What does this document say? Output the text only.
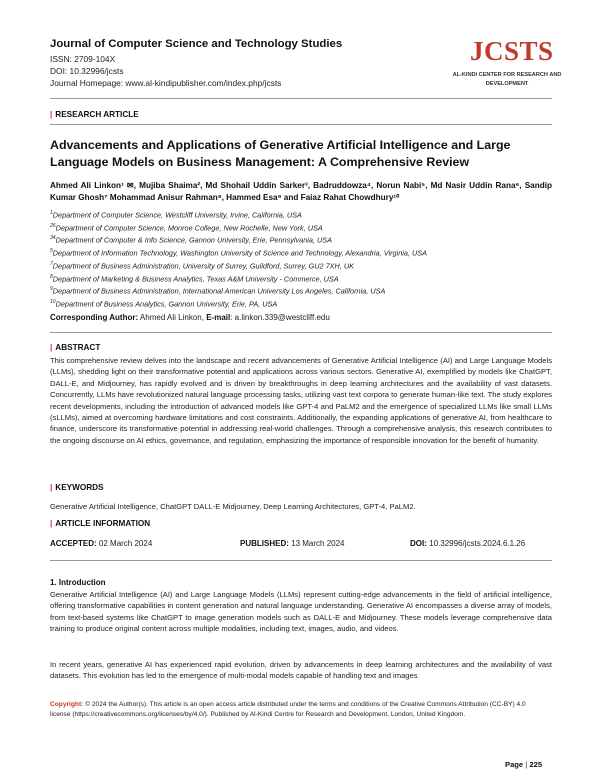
Journal of Computer Science and Technology Studies
ISSN: 2709-104X
DOI: 10.32996/jcsts
Journal Homepage: www.al-kindipublisher.com/index.php/jcsts
JCSTS
AL-KINDI CENTER FOR RESEARCH AND DEVELOPMENT
| RESEARCH ARTICLE
Advancements and Applications of Generative Artificial Intelligence and Large Language Models on Business Management: A Comprehensive Review
Ahmed Ali Linkon¹ ✉, Mujiba Shaima², Md Shohail Uddin Sarker³, Badruddowza⁴, Norun Nabi⁵, Md Nasir Uddin Rana⁶, Sandip Kumar Ghosh⁷ Mohammad Anisur Rahman⁸, Hammed Esa⁹ and Faiaz Rahat Chowdhury¹⁰
$^1$Department of Computer Science, Westcliff University, Irvine, California, USA
$^{26}$Department of Computer Science, Monroe College, New Rochelle, New York, USA
$^{34}$Department of Computer & Info Science, Gannon University, Erie, Pennsylvania, USA
$^5$Department of Information Technology, Washington University of Science and Technology, Alexandria, Virginia, USA
$^7$Department of Business Administration, University of Surrey, Guildford, Surrey, GU2 7XH, UK
$^8$Department of Marketing & Business Analytics, Texas A&M University - Commerce, USA
$^9$Department of Business Administration, International American University Los Angeles, California, USA
$^{10}$Department of Business Analytics, Gannon University, Erie, PA, USA
Corresponding Author: Ahmed Ali Linkon, E-mail: a.linkon.339@westcliff.edu
| ABSTRACT
This comprehensive review delves into the landscape and recent advancements of Generative Artificial Intelligence (AI) and Large Language Models (LLMs), shedding light on their transformative potential and applications across various sectors. Generative AI, exemplified by models like ChatGPT, DALL-E, and Midjourney, has rapidly evolved and is driven by breakthroughs in deep learning architectures and the availability of vast datasets. Concurrently, LLMs have revolutionized natural language processing tasks, utilizing vast text corpora to generate human-like text. The study explores recent developments, including the introduction of advanced models like GPT-4 and PaLM2 and the emergence of specialized LLMs like small LLMs (sLLMs), aimed at overcoming hardware limitations and cost constraints. Additionally, the expanding applications of generative AI, from healthcare to finance, underscore its transformative potential in addressing real-world challenges. Through a comprehensive analysis, this research contributes to the ongoing discourse on AI ethics, governance, and regulation, emphasizing the importance of responsible innovation for the benefit of humanity.
| KEYWORDS
Generative Artificial Intelligence, ChatGPT DALL-E Midjourney, Deep Learning Architectures, GPT-4, PaLM2.
| ARTICLE INFORMATION
ACCEPTED: 02 March 2024	PUBLISHED: 13 March 2024	DOI: 10.32996/jcsts.2024.6.1.26
1. Introduction
Generative Artificial Intelligence (AI) and Large Language Models (LLMs) represent cutting-edge advancements in the field of artificial intelligence, offering transformative capabilities in content generation and natural language understanding. Generative AI encompasses a diverse array of models, from text-based systems like ChatGPT to image generation models such as DALL-E and Midjourney. These models leverage comprehensive data training to produce original content across multiple modalities, including text, images, audio, and videos.
In recent years, generative AI has experienced rapid evolution, driven by advancements in deep learning architectures and the availability of vast datasets. This evolution has led to the emergence of multi-modal models capable of handling text and images
Copyright: © 2024 the Author(s). This article is an open access article distributed under the terms and conditions of the Creative Commons Attribution (CC-BY) 4.0 license (https://creativecommons.org/licenses/by/4.0/). Published by Al-Kindi Centre for Research and Development, London, United Kingdom.
Page | 225
